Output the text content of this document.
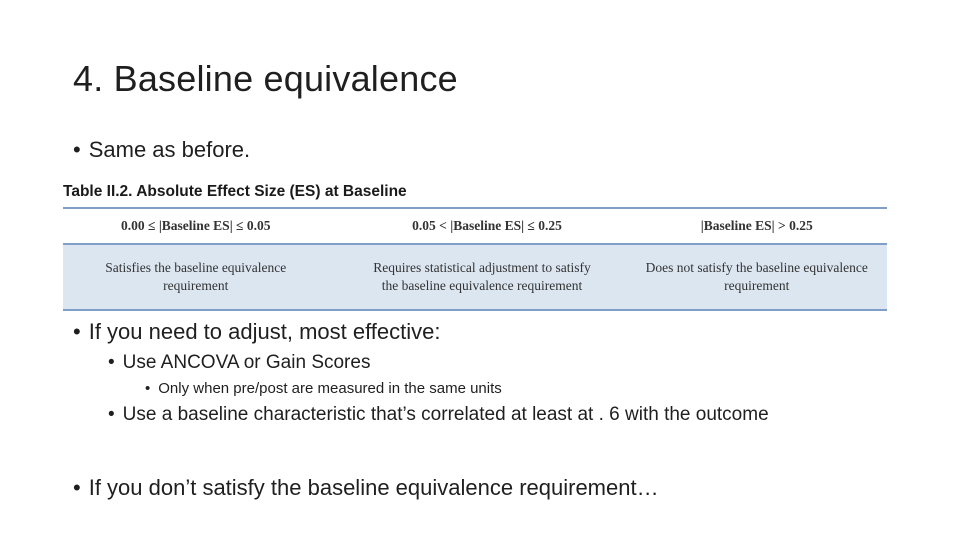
4. Baseline equivalence
• Same as before.
Table II.2. Absolute Effect Size (ES) at Baseline
0.00 ≤ |Baseline ES| ≤ 0.05	0.05 < |Baseline ES| ≤ 0.25	|Baseline ES| > 0.25

Satisfies the baseline equivalence requirement	Requires statistical adjustment to satisfy the baseline equivalence requirement	Does not satisfy the baseline equivalence requirement
• If you need to adjust, most effective:
• Use ANCOVA or Gain Scores
• Only when pre/post are measured in the same units
• Use a baseline characteristic that’s correlated at least at . 6 with the outcome
• If you don’t satisfy the baseline equivalence requirement…
